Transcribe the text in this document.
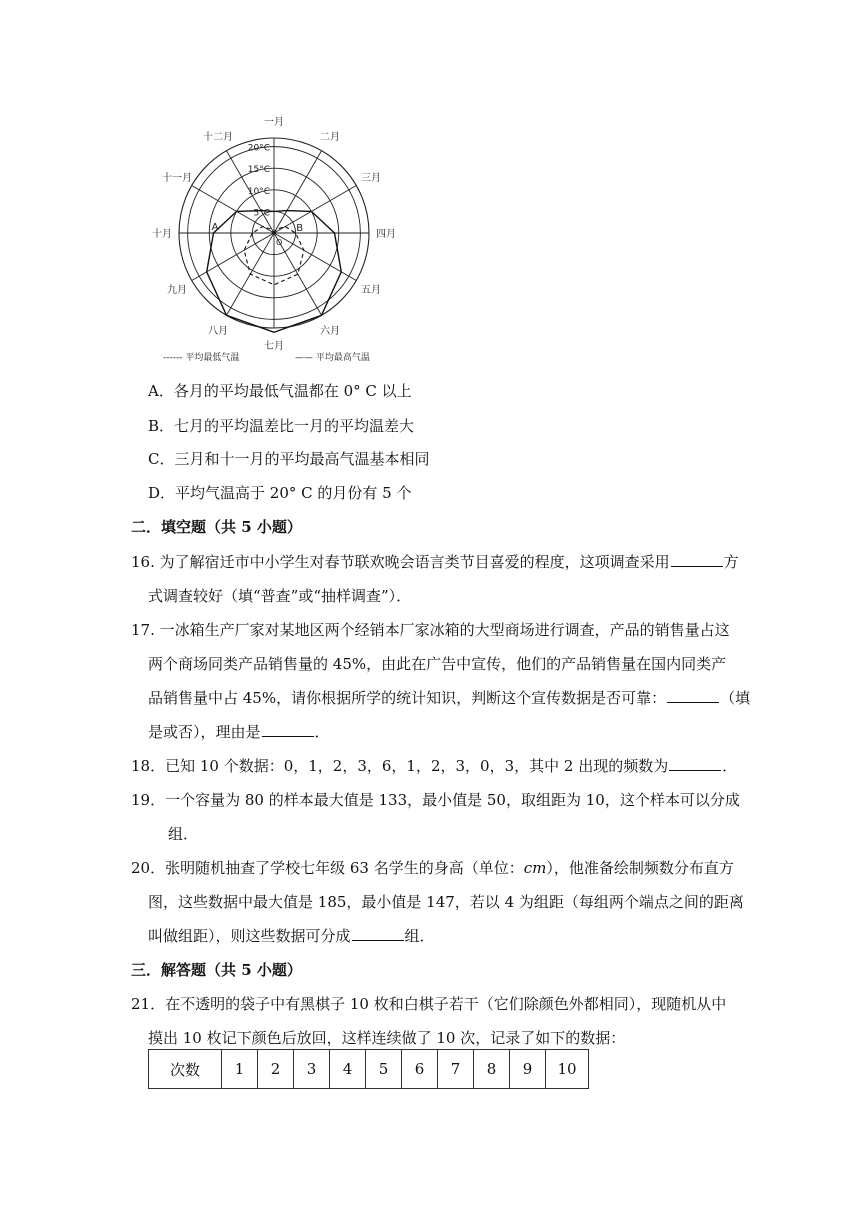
5°C
10°C
15°C
20°C
一月
二月
三月
四月
五月
六月
七月
八月
九月
十月
十一月
十二月
A	B
O
------ 平均最低气温	—— 平均最高气温
A．各月的平均最低气温都在 0° C 以上
B．七月的平均温差比一月的平均温差大
C．三月和十一月的平均最高气温基本相同
D．平均气温高于 20° C 的月份有 5 个
二．填空题（共 5 小题）
16. 为了解宿迁市中小学生对春节联欢晚会语言类节目喜爱的程度，这项调查采用	方
式调查较好（填“普查”或“抽样调查”）．
17. 一冰箱生产厂家对某地区两个经销本厂家冰箱的大型商场进行调查，产品的销售量占这
两个商场同类产品销售量的 45%，由此在广告中宣传，他们的产品销售量在国内同类产
品销售量中占 45%，请你根据所学的统计知识，判断这个宣传数据是否可靠：	（填
是或否），理由是	．
18．已知 10 个数据：0，1，2，3，6，1，2，3，0，3，其中 2 出现的频数为	．
19．一个容量为 80 的样本最大值是 133，最小值是 50，取组距为 10，这个样本可以分成
组．
20．张明随机抽查了学校七年级 63 名学生的身高（单位：cm），他准备绘制频数分布直方
图，这些数据中最大值是 185，最小值是 147，若以 4 为组距（每组两个端点之间的距离
叫做组距），则这些数据可分成	组．
三．解答题（共 5 小题）
21．在不透明的袋子中有黑棋子 10 枚和白棋子若干（它们除颜色外都相同），现随机从中
摸出 10 枚记下颜色后放回，这样连续做了 10 次，记录了如下的数据：
次数	1	2	3	4	5	6	7	8	9	10
